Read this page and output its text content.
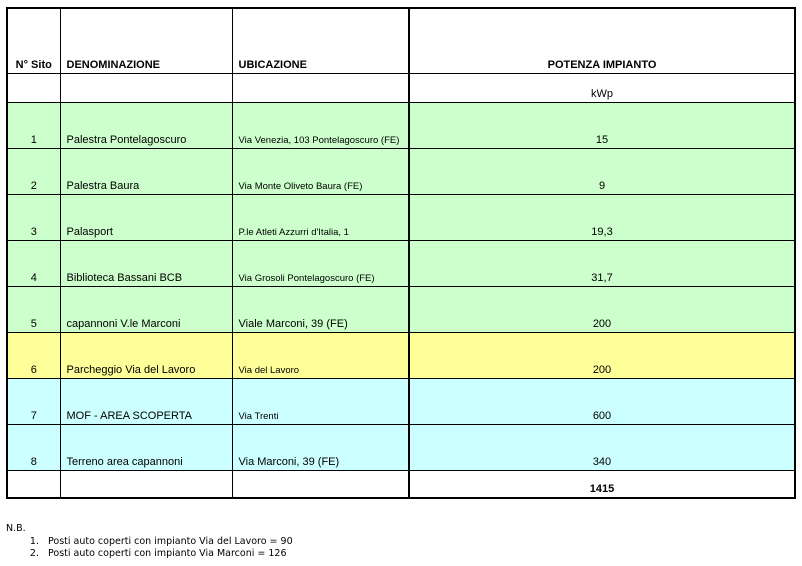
N° Sito	DENOMINAZIONE	UBICAZIONE	POTENZA IMPIANTO
			kWp
1	Palestra Pontelagoscuro	Via Venezia, 103 Pontelagoscuro (FE)	15
2	Palestra Baura	Via Monte Oliveto Baura (FE)	9
3	Palasport	P.le Atleti Azzurri d'Italia, 1	19,3
4	Biblioteca Bassani BCB	Via Grosoli Pontelagoscuro (FE)	31,7
5	capannoni V.le Marconi	Viale Marconi, 39 (FE)	200
6	Parcheggio Via del Lavoro	Via del Lavoro	200
7	MOF - AREA SCOPERTA	Via Trenti	600
8	Terreno area capannoni	Via Marconi, 39 (FE)	340
			1415
N.B.
1. Posti auto coperti con impianto Via del Lavoro = 90
2. Posti auto coperti con impianto Via Marconi = 126
